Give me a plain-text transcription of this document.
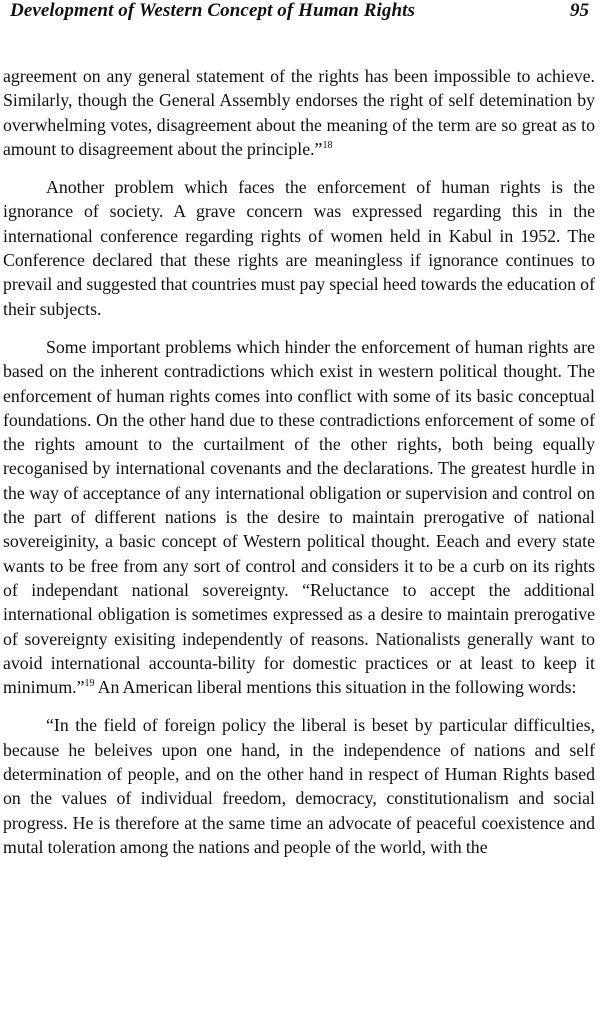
Development of Western Concept of Human Rights	95

agreement on any general statement of the rights has been impossible to achieve. Similarly, though the General Assembly endorses the right of self detemination by overwhelming votes, disagreement about the meaning of the term are so great as to amount to disagreement about the principle.”$^{18}$

Another problem which faces the enforcement of human rights is the ignorance of society. A grave concern was expressed regarding this in the international conference regarding rights of women held in Kabul in 1952. The Conference declared that these rights are meaningless if ignorance continues to prevail and suggested that countries must pay special heed towards the education of their subjects.

Some important problems which hinder the enforcement of human rights are based on the inherent contradictions which exist in western political thought. The enforcement of human rights comes into conflict with some of its basic conceptual foundations. On the other hand due to these contradictions enforcement of some of the rights amount to the curtailment of the other rights, both being equally recoganised by international covenants and the declarations. The greatest hurdle in the way of acceptance of any international obligation or supervision and control on the part of different nations is the desire to maintain prerogative of national sovereiginity, a basic concept of Western political thought. Eeach and every state wants to be free from any sort of control and considers it to be a curb on its rights of independant national sovereignty. “Reluctance to accept the additional international obligation is sometimes expressed as a desire to maintain prerogative of sovereignty exisiting independently of reasons. Nationalists generally want to avoid international accounta-bility for domestic practices or at least to keep it minimum.”$^{19}$ An American liberal mentions this situation in the following words:

“In the field of foreign policy the liberal is beset by particular difficulties, because he beleives upon one hand, in the independence of nations and self determination of people, and on the other hand in respect of Human Rights based on the values of individual freedom, democracy, constitutionalism and social progress. He is therefore at the same time an advocate of peaceful coexistence and mutal toleration among the nations and people of the world, with the
